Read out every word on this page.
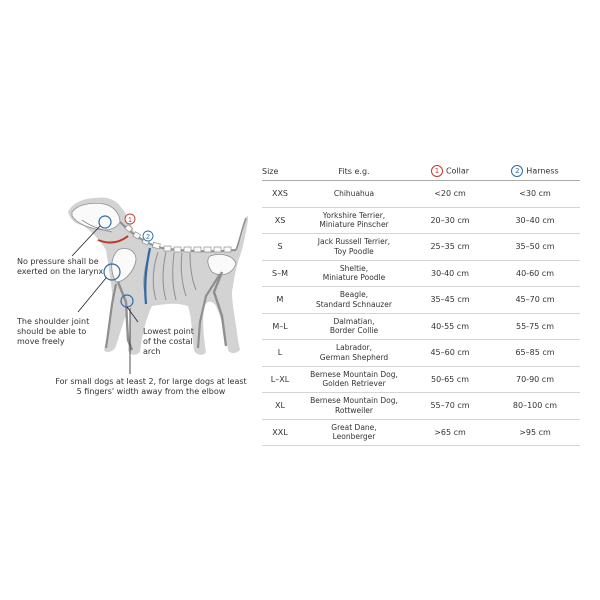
1
2
No pressure shall be
exerted on the larynx
The shoulder joint
should be able to
move freely
Lowest point
of the costal
arch
For small dogs at least 2, for large dogs at least
5 fingers' width away from the elbow
Size	Fits e.g.	1 Collar	2 Harness
XXS	Chihuahua	<20 cm	<30 cm
XS	Yorkshire Terrier,
Miniature Pinscher	20–30 cm	30–40 cm
S	Jack Russell Terrier,
Toy Poodle	25–35 cm	35–50 cm
S–M	Sheltie,
Miniature Poodle	30-40 cm	40-60 cm
M	Beagle,
Standard Schnauzer	35–45 cm	45–70 cm
M–L	Dalmatian,
Border Collie	40-55 cm	55-75 cm
L	Labrador,
German Shepherd	45–60 cm	65–85 cm
L–XL	Bernese Mountain Dog,
Golden Retriever	50-65 cm	70-90 cm
XL	Bernese Mountain Dog,
Rottweiler	55–70 cm	80–100 cm
XXL	Great Dane,
Leonberger	>65 cm	>95 cm
